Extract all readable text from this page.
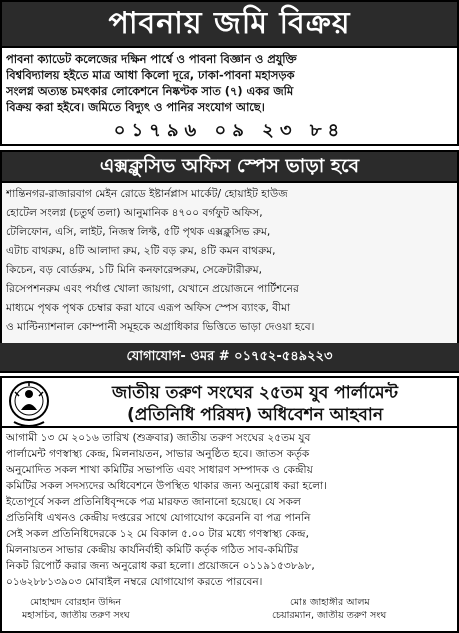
পাবনায় জমি বিক্রয়
পাবনা ক্যাডেট কলেজের দক্ষিন পার্শ্বে ও পাবনা বিজ্ঞান ও প্রযুক্তি
বিশ্ববিদ্যালয় হইতে মাত্র আধা কিলো দূরে, ঢাকা-পাবনা মহাসড়ক
সংলগ্ন অত্যন্ত চমৎকার লোকেশনে নিষ্কণ্টক সাত (৭) একর জমি
বিক্রয় করা হইবে। জমিতে বিদ্যুৎ ও পানির সংযোগ আছে।
০১৭৯৬ ০৯ ২৩ ৮৪
এক্সক্লুসিভ অফিস স্পেস ভাড়া হবে
শান্তিনগর-রাজারবাগ মেইন রোডে ইষ্টার্নপ্লাস মার্কেট/ হোয়াইট হাউজ
হোটেল সংলগ্ন (চতুর্থ তলা) আনুমানিক ৪৭০০ বর্গফুট অফিস,
টেলিফোন, এসি, লাইট, নিজস্ব লিফ্ট, ৫টি পৃথক এক্সক্লুসিভ রুম,
এটাচ বাথরুম, ৪টি আলাদা রুম, ২টি বড় রুম, ৪টি কমন বাথরুম,
কিচেন, বড় বোর্ডরুম, ১টি মিনি কনফারেন্সরুম, সেক্রেটারীরুম,
রিসেপশনরুম এবং পর্যাপ্ত খোলা জায়গা, যেখানে প্রয়োজনে পার্টিশনের
মাধ্যমে পৃথক পৃথক চেম্বার করা যাবে এরূপ অফিস স্পেস ব্যাংক, বীমা
ও মাল্টিন্যাশনাল কোম্পানী সমূহকে অগ্রাধিকার ভিত্তিতে ভাড়া দেওয়া হবে।
যোগাযোগ- ওমর # ০১৭৫২-৫৪৯২২৩
জাতীয় তরুণ সংঘের ২৫তম যুব পার্লামেন্ট
(প্রতিনিধি পরিষদ) অধিবেশন আহবান
আগামী ১৩ মে ২০১৬ তারিখ (শুক্রবার) জাতীয় তরুণ সংঘের ২৫তম যুব
পার্লামেন্ট গণস্বাস্থ্য কেন্দ্র, মিলনায়তন, সাভার অনুষ্ঠিত হবে। জাতস কর্তৃক
অনুমোদিত সকল শাখা কমিটির সভাপতি এবং সাধারণ সম্পাদক ও কেন্দ্রীয়
কমিটির সকল সদস্যদের অধিবেশনে উপস্থিত থাকার জন্য অনুরোধ করা হলো।
ইতোপূর্বে সকল প্রতিনিধিবৃন্দকে পত্র মারফত জানানো হয়েছে। যে সকল
প্রতিনিধি এখনও কেন্দ্রীয় দপ্তরের সাথে যোগাযোগ করেননি বা পত্র পাননি
সেই সকল প্রতিনিধিদেরকে ১২ মে বিকাল ৫.০০ টার মধ্যে গণস্বাস্থ্য কেন্দ্র,
মিলনায়তন সাভার কেন্দ্রীয় কার্যনির্বাহী কমিটি কর্তৃক গঠিত সাব-কমিটির
নিকট রিপোর্ট করার জন্য অনুরোধ করা হলো। প্রয়োজনে ০১১৯১৫৩৮৯৮,
০১৬২৮৮১৩৯০৩ মোবাইল নম্বরে যোগাযোগ করতে পারবেন।
মোহাম্মদ বোরহান উদ্দিন
মহাসচিব, জাতীয় তরুণ সংঘ
মোঃ জাহাঙ্গীর আলম
চেয়ারম্যান, জাতীয় তরুণ সংঘ
